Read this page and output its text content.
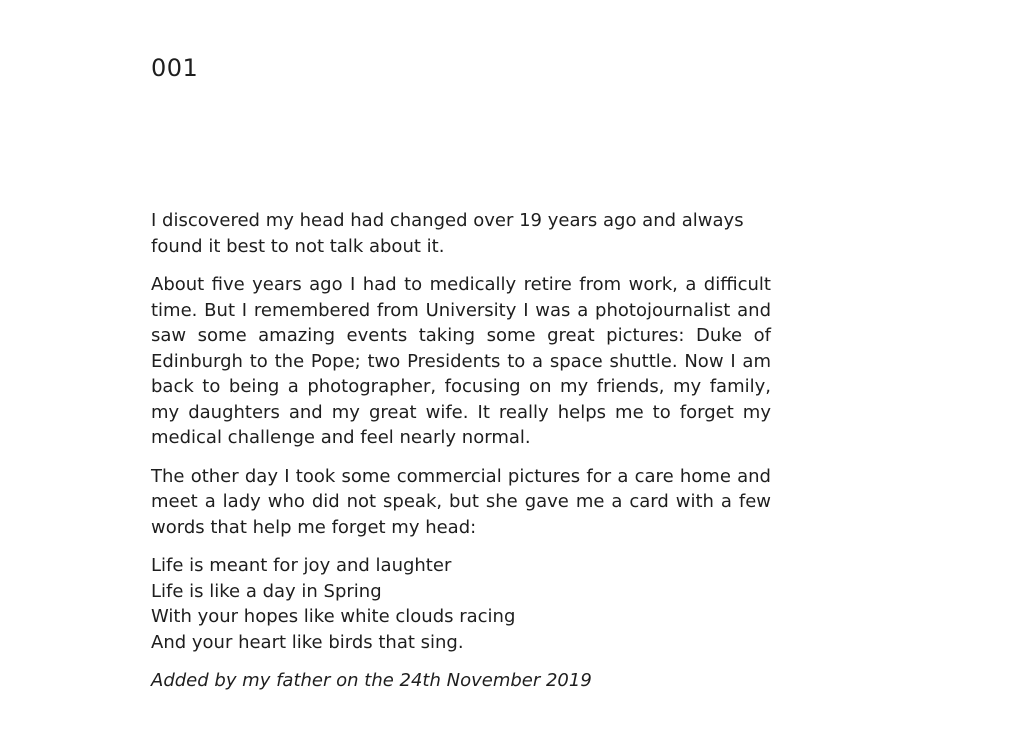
001

I discovered my head had changed over 19 years ago and always found it best to not talk about it.

About five years ago I had to medically retire from work, a difficult time. But I remembered from University I was a photojournalist and saw some amazing events taking some great pictures: Duke of Edinburgh to the Pope; two Presidents to a space shuttle. Now I am back to being a photographer, focusing on my friends, my family, my daughters and my great wife. It really helps me to forget my medical challenge and feel nearly normal.

The other day I took some commercial pictures for a care home and meet a lady who did not speak, but she gave me a card with a few words that help me forget my head:

Life is meant for joy and laughter
Life is like a day in Spring
With your hopes like white clouds racing
And your heart like birds that sing.

Added by my father on the 24th November 2019
